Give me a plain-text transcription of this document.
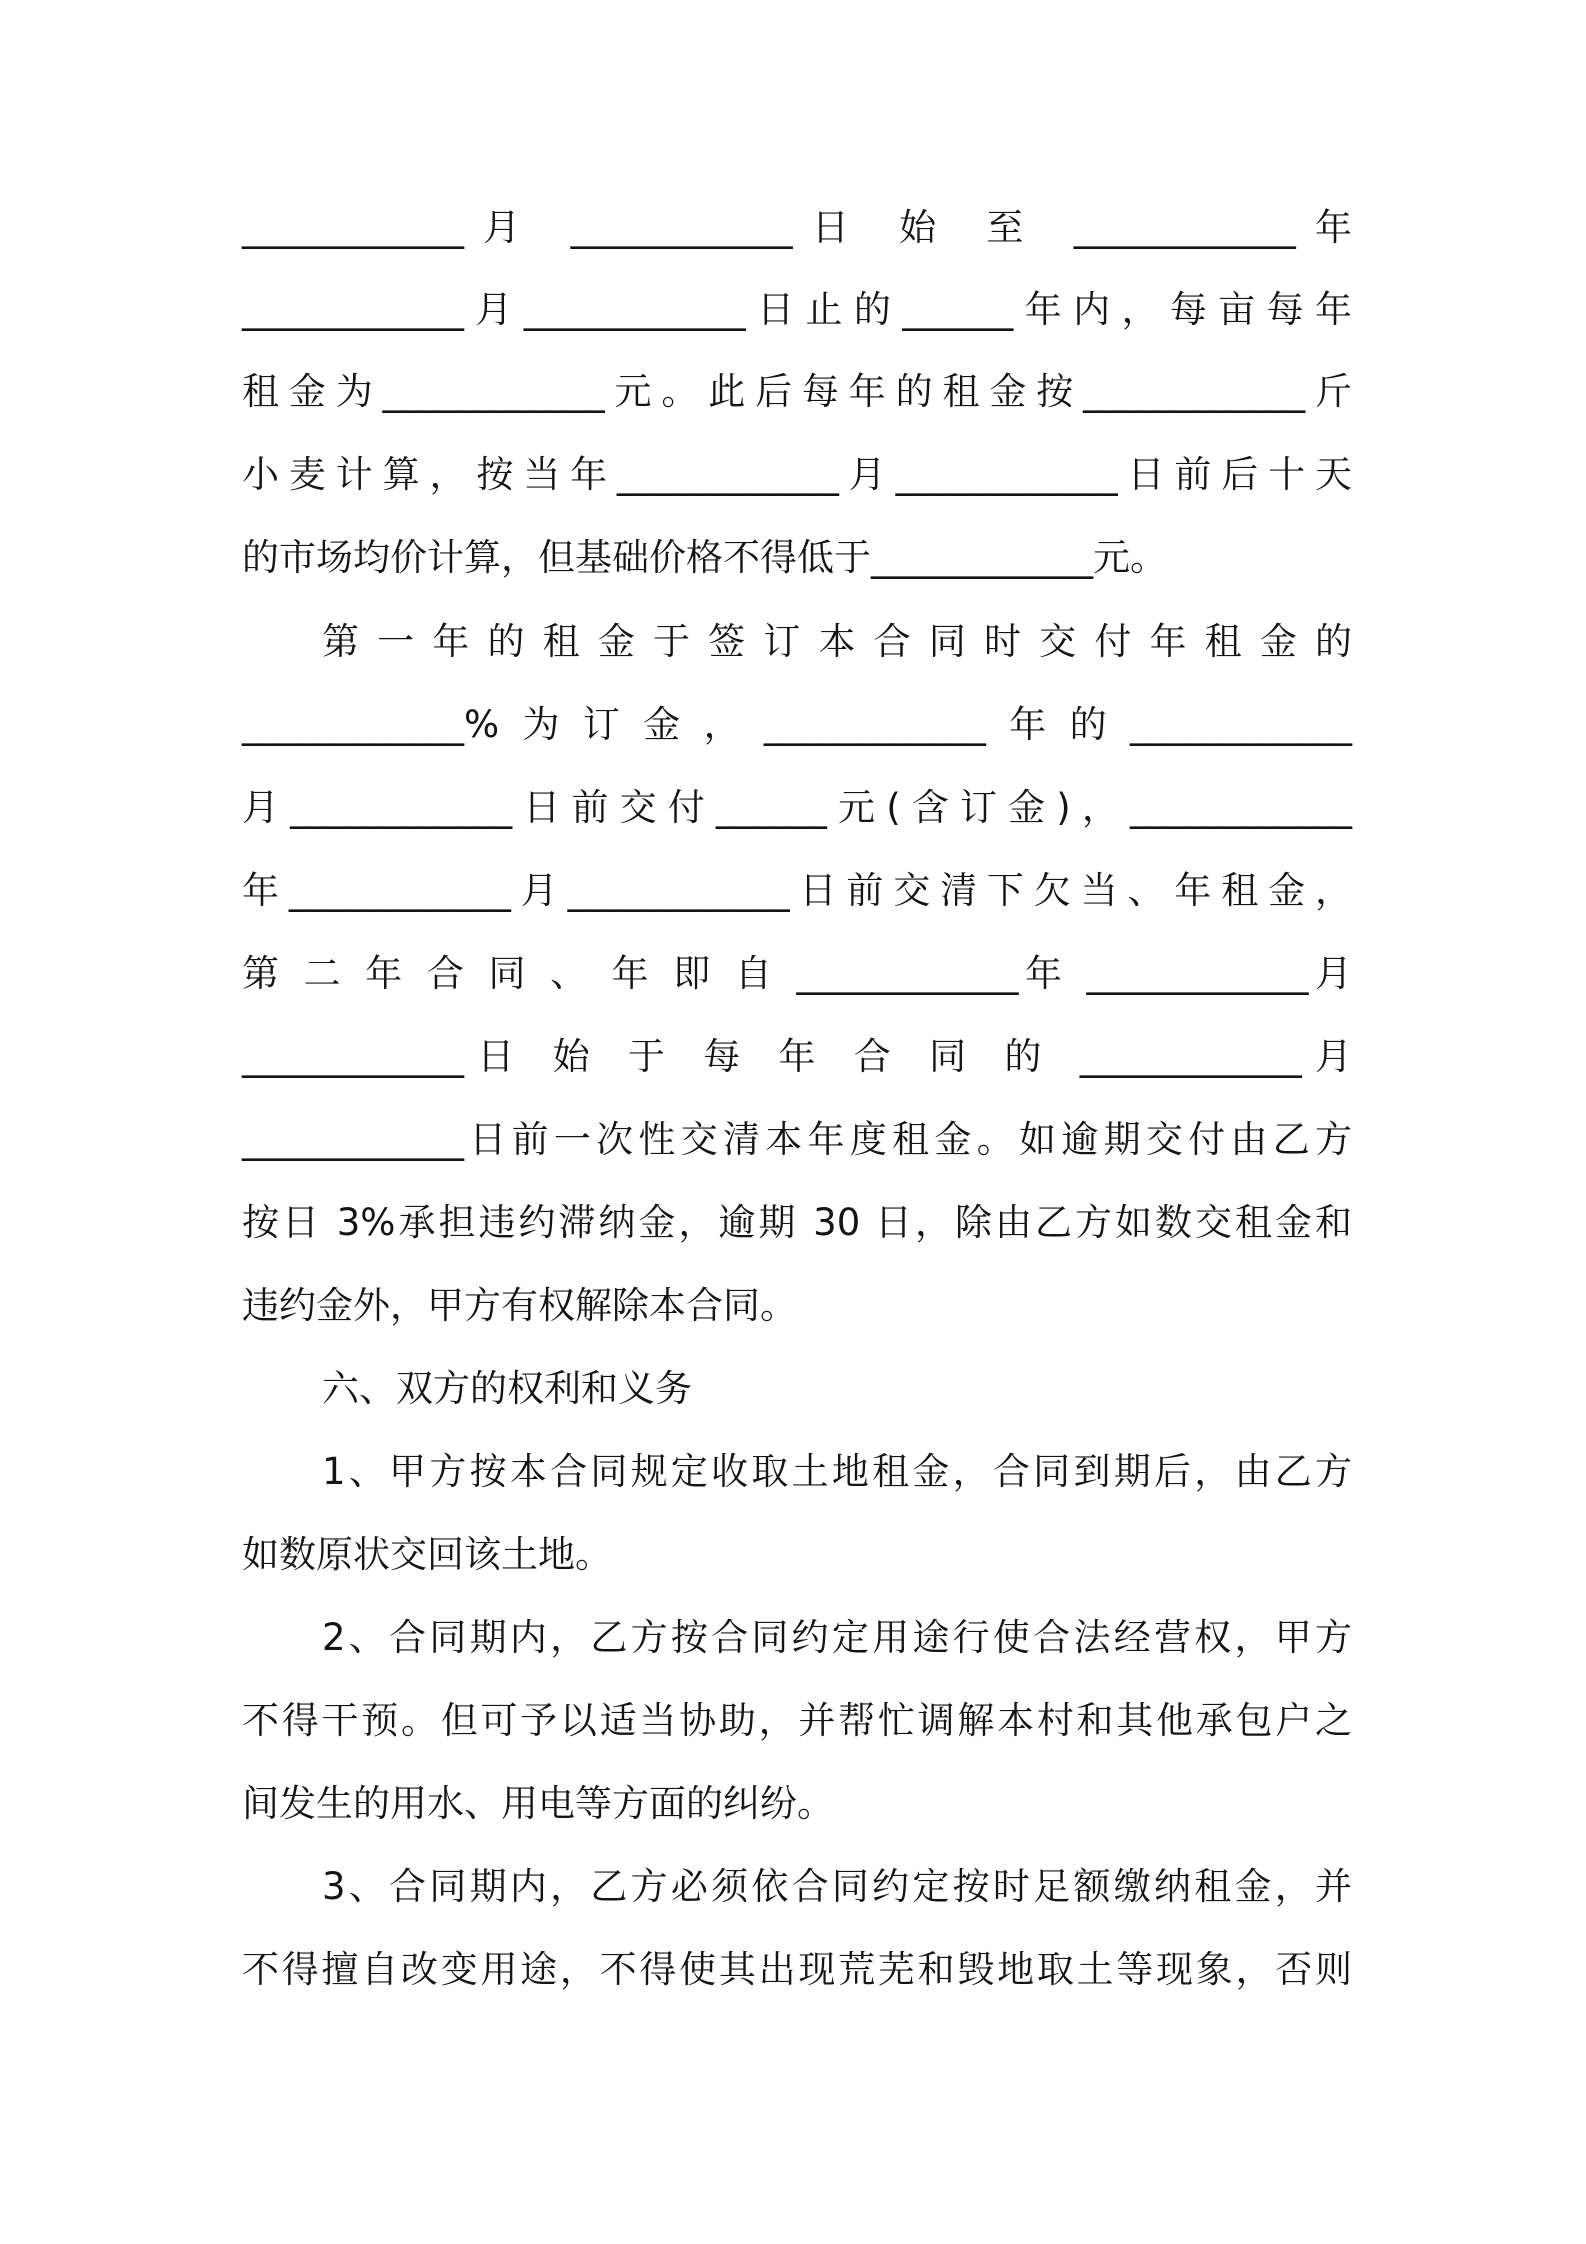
____________月 ____________日 始 至 ____________年

____________月____________日止的______年内，每亩每年

租金为____________元。此后每年的租金按____________斤

小麦计算，按当年____________月____________日前后十天

的市场均价计算，但基础价格不得低于____________元。

第 一 年 的 租 金 于 签 订 本 合 同 时 交 付 年 租 金 的

____________%为订金，____________年的____________

月____________日前交付______元(含订金)，____________

年____________月____________日前交清下欠当、年租金，

第 二 年 合 同 、 年 即 自 ____________年 ____________月

____________日 始 于 每 年 合 同 的 ____________月

____________日前一次性交清本年度租金。如逾期交付由乙方

按日 3%承担违约滞纳金，逾期 30 日，除由乙方如数交租金和

违约金外，甲方有权解除本合同。

六、双方的权利和义务

1、甲方按本合同规定收取土地租金，合同到期后，由乙方

如数原状交回该土地。

2、合同期内，乙方按合同约定用途行使合法经营权，甲方

不得干预。但可予以适当协助，并帮忙调解本村和其他承包户之

间发生的用水、用电等方面的纠纷。

3、合同期内，乙方必须依合同约定按时足额缴纳租金，并

不得擅自改变用途，不得使其出现荒芜和毁地取土等现象，否则
